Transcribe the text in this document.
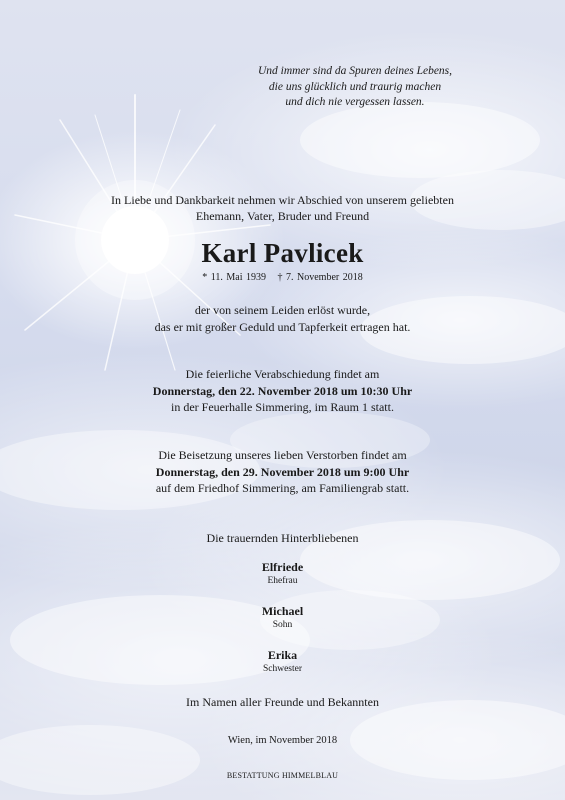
Und immer sind da Spuren deines Lebens,
die uns glücklich und traurig machen
und dich nie vergessen lassen.
In Liebe und Dankbarkeit nehmen wir Abschied von unserem geliebten
Ehemann, Vater, Bruder und Freund
Karl Pavlicek
* 11. Mai 1939 † 7. November 2018
der von seinem Leiden erlöst wurde,
das er mit großer Geduld und Tapferkeit ertragen hat.
Die feierliche Verabschiedung findet am
Donnerstag, den 22. November 2018 um 10:30 Uhr
in der Feuerhalle Simmering, im Raum 1 statt.
Die Beisetzung unseres lieben Verstorben findet am
Donnerstag, den 29. November 2018 um 9:00 Uhr
auf dem Friedhof Simmering, am Familiengrab statt.
Die trauernden Hinterbliebenen
Elfriede
Ehefrau
Michael
Sohn
Erika
Schwester
Im Namen aller Freunde und Bekannten
Wien, im November 2018
BESTATTUNG HIMMELBLAU
